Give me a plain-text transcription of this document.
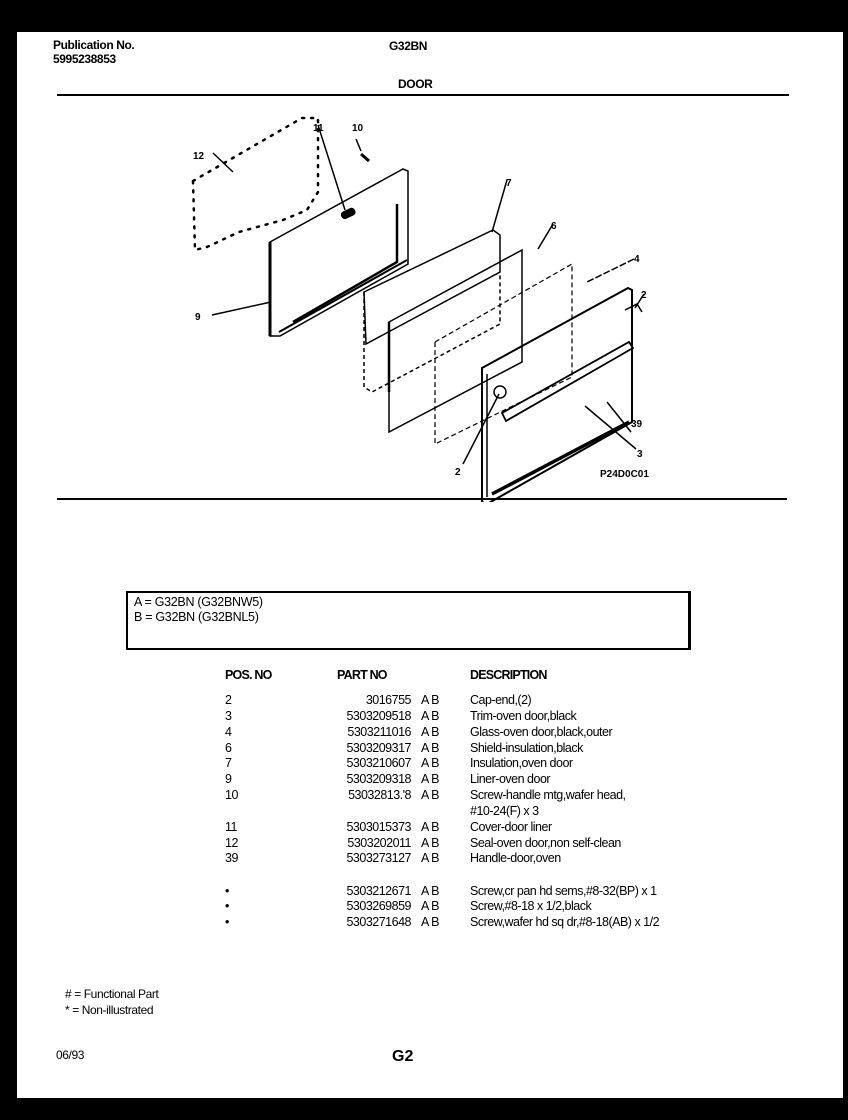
Publication No.
5995238853
G32BN
DOOR
12
11	10
9
7
6
4
2
39
3
2	P24D0C01
A = G32BN (G32BNW5)
B = G32BN (G32BNL5)
POS. NO	PART NO	DESCRIPTION
2	3016755 A B Cap-end,(2)
3	5303209518 A B Trim-oven door,black
4	5303211016 A B Glass-oven door,black,outer
6	5303209317 A B Shield-insulation,black
7	5303210607 A B Insulation,oven door
9	5303209318 A B Liner-oven door
10	53032813.'8 A B Screw-handle mtg,wafer head,
#10-24(F) x 3
11	5303015373 A B Cover-door liner
12	5303202011 A B Seal-oven door,non self-clean
39	5303273127 A B Handle-door,oven
•	5303212671 A B Screw,cr pan hd sems,#8-32(BP) x 1
•	5303269859 A B Screw,#8-18 x 1/2,black
•	5303271648 A B Screw,wafer hd sq dr,#8-18(AB) x 1/2
# = Functional Part
* = Non-illustrated
06/93	G2
